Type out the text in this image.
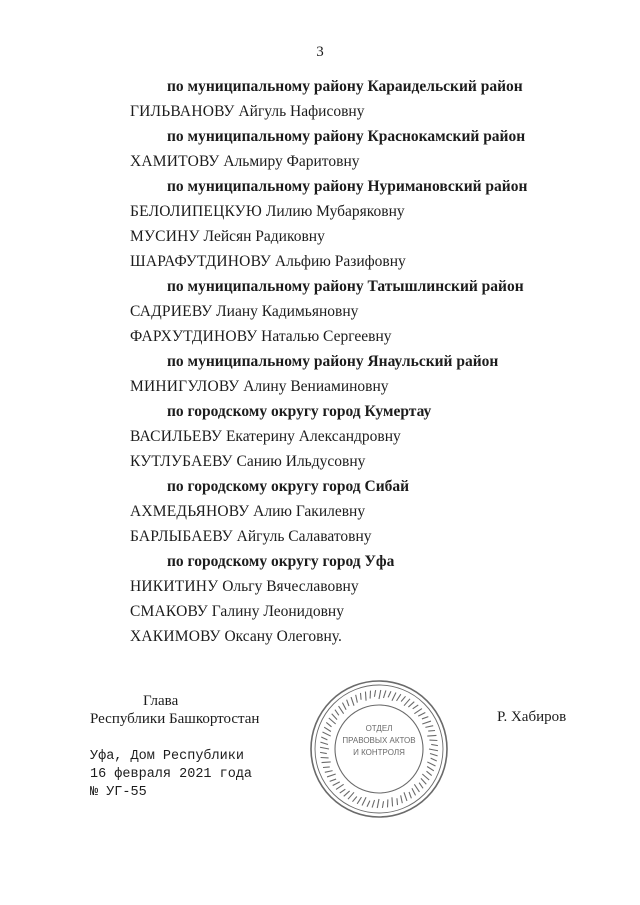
3
по муниципальному району Караидельский район
ГИЛЬВАНОВУ Айгуль Нафисовну
по муниципальному району Краснокамский район
ХАМИТОВУ Альмиру Фаритовну
по муниципальному району Нуримановский район
БЕЛОЛИПЕЦКУЮ Лилию Мубаряковну
МУСИНУ Лейсян Радиковну
ШАРАФУТДИНОВУ Альфию Разифовну
по муниципальному району Татышлинский район
САДРИЕВУ Лиану Кадимьяновну
ФАРХУТДИНОВУ Наталью Сергеевну
по муниципальному району Янаульский район
МИНИГУЛОВУ Алину Вениаминовну
по городскому округу город Кумертау
ВАСИЛЬЕВУ Екатерину Александровну
КУТЛУБАЕВУ Санию Ильдусовну
по городскому округу город Сибай
АХМЕДЬЯНОВУ Алию Гакилевну
БАРЛЫБАЕВУ Айгуль Салаватовну
по городскому округу город Уфа
НИКИТИНУ Ольгу Вячеславовну
СМАКОВУ Галину Леонидовну
ХАКИМОВУ Оксану Олеговну.
Глава
Республики Башкортостан	Р. Хабиров
Уфа, Дом Республики
16 февраля 2021 года
№ УГ-55
ОТДЕЛ
ПРАВОВЫХ АКТОВ
И КОНТРОЛЯ
